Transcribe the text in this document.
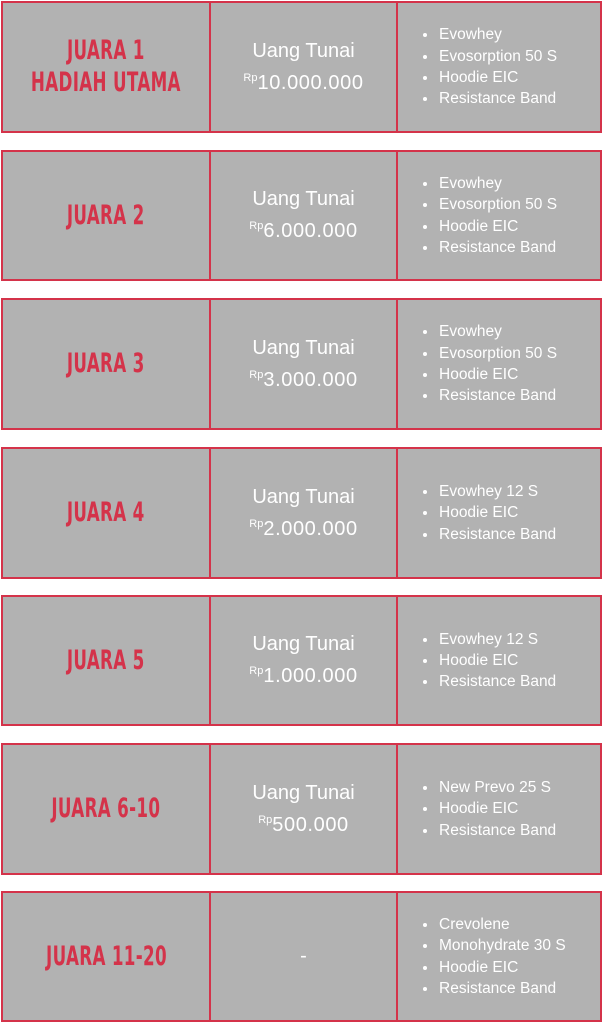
JUARA 1
HADIAH UTAMA
Uang Tunai
$^{Rp}$10.000.000
Evowhey
Evosorption 50 S
Hoodie EIC
Resistance Band
JUARA 2
Uang Tunai
$^{Rp}$6.000.000
Evowhey
Evosorption 50 S
Hoodie EIC
Resistance Band
JUARA 3
Uang Tunai
$^{Rp}$3.000.000
Evowhey
Evosorption 50 S
Hoodie EIC
Resistance Band
JUARA 4
Uang Tunai
$^{Rp}$2.000.000
Evowhey 12 S
Hoodie EIC
Resistance Band
JUARA 5
Uang Tunai
$^{Rp}$1.000.000
Evowhey 12 S
Hoodie EIC
Resistance Band
JUARA 6-10
Uang Tunai
$^{Rp}$500.000
New Prevo 25 S
Hoodie EIC
Resistance Band
JUARA 11-20	-
Crevolene
Monohydrate 30 S
Hoodie EIC
Resistance Band
